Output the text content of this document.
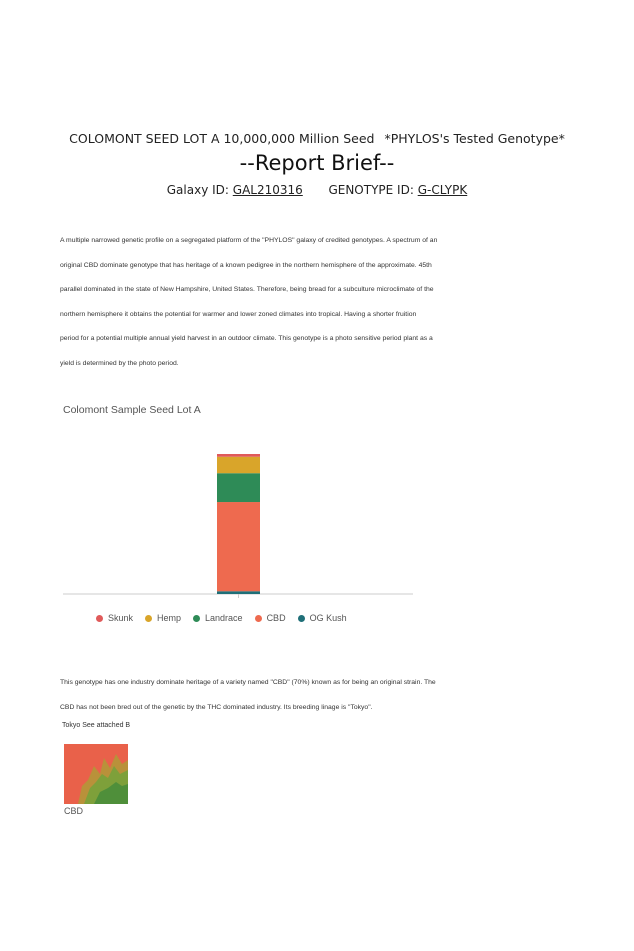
COLOMONT SEED LOT A 10,000,000 Million Seed *PHYLOS's Tested Genotype*
--Report Brief--
Galaxy ID: GAL210316 GENOTYPE ID: G-CLYPK
A multiple narrowed genetic profile on a segregated platform of the "PHYLOS" galaxy of credited genotypes. A spectrum of an
original CBD dominate genotype that has heritage of a known pedigree in the northern hemisphere of the approximate. 45th
parallel dominated in the state of New Hampshire, United States. Therefore, being bread for a subculture microclimate of the
northern hemisphere it obtains the potential for warmer and lower zoned climates into tropical. Having a shorter fruition
period for a potential multiple annual yield harvest in an outdoor climate. This genotype is a photo sensitive period plant as a
yield is determined by the photo period.
Colomont Sample Seed Lot A
Skunk	Hemp	Landrace	CBD	OG Kush
This genotype has one industry dominate heritage of a variety named "CBD" (70%) known as for being an original strain. The
CBD has not been bred out of the genetic by the THC dominated industry. Its breeding linage is "Tokyo".
Tokyo See attached B
CBD
